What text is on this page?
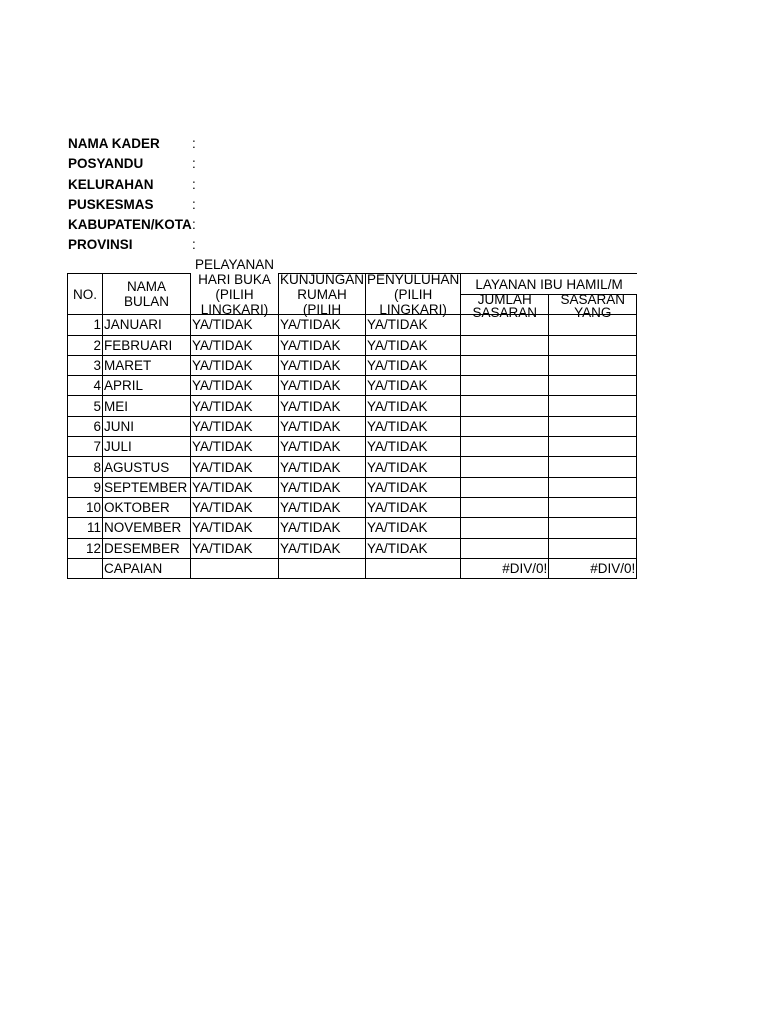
NAMA KADER	:
POSYANDU	:
KELURAHAN	:
PUSKESMAS	:
KABUPATEN/KOTA :
PROVINSI	:
NO.	NAMA BULAN	PELAYANAN HARI BUKA (PILIH LINGKARI)	KUNJUNGAN RUMAH (PILIH	PENYULUHAN (PILIH LINGKARI)	LAYANAN IBU HAMIL/M	

					JUMLAH SASARAN	SASARAN YANG

1	JANUARI	YA/TIDAK	YA/TIDAK	YA/TIDAK		
2	FEBRUARI	YA/TIDAK	YA/TIDAK	YA/TIDAK		
3	MARET	YA/TIDAK	YA/TIDAK	YA/TIDAK		
4	APRIL	YA/TIDAK	YA/TIDAK	YA/TIDAK		
5	MEI	YA/TIDAK	YA/TIDAK	YA/TIDAK		
6	JUNI	YA/TIDAK	YA/TIDAK	YA/TIDAK		
7	JULI	YA/TIDAK	YA/TIDAK	YA/TIDAK		
8	AGUSTUS	YA/TIDAK	YA/TIDAK	YA/TIDAK		
9	SEPTEMBER	YA/TIDAK	YA/TIDAK	YA/TIDAK		
10	OKTOBER	YA/TIDAK	YA/TIDAK	YA/TIDAK		
11	NOVEMBER	YA/TIDAK	YA/TIDAK	YA/TIDAK		
12	DESEMBER	YA/TIDAK	YA/TIDAK	YA/TIDAK		
	CAPAIAN				#DIV/0!	#DIV/0!
